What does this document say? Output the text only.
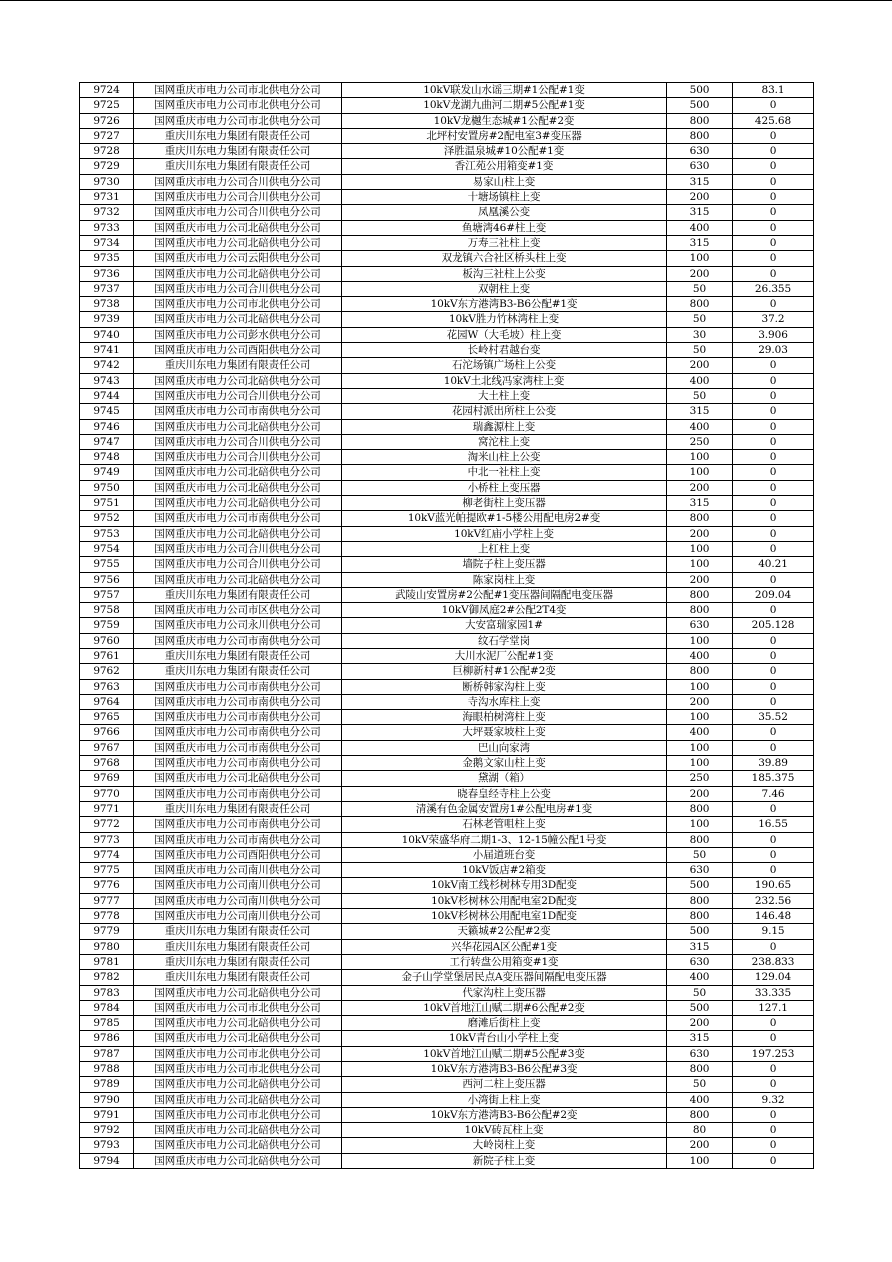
9724	国网重庆市电力公司市北供电分公司	10kV联发山水谣三期#1公配#1变	500	83.1
9725	国网重庆市电力公司市北供电分公司	10kV龙湖九曲河二期#5公配#1变	500	0
9726	国网重庆市电力公司市北供电分公司	10kV龙樾生态城#1公配#2变	800	425.68
9727	重庆川东电力集团有限责任公司	北坪村安置房#2配电室3#变压器	800	0
9728	重庆川东电力集团有限责任公司	泽胜温泉城#10公配#1变	630	0
9729	重庆川东电力集团有限责任公司	香江苑公用箱变#1变	630	0
9730	国网重庆市电力公司合川供电分公司	易家山柱上变	315	0
9731	国网重庆市电力公司合川供电分公司	十塘场镇柱上变	200	0
9732	国网重庆市电力公司合川供电分公司	凤凰溪公变	315	0
9733	国网重庆市电力公司北碚供电分公司	鱼塘湾46#柱上变	400	0
9734	国网重庆市电力公司北碚供电分公司	万寿三社柱上变	315	0
9735	国网重庆市电力公司云阳供电分公司	双龙镇六合社区桥头柱上变	100	0
9736	国网重庆市电力公司北碚供电分公司	板沟三社柱上公变	200	0
9737	国网重庆市电力公司合川供电分公司	双朝柱上变	50	26.355
9738	国网重庆市电力公司市北供电分公司	10kV东方港湾B3-B6公配#1变	800	0
9739	国网重庆市电力公司北碚供电分公司	10kV胜力竹林湾柱上变	50	37.2
9740	国网重庆市电力公司彭水供电分公司	花园W（大毛坡）柱上变	30	3.906
9741	国网重庆市电力公司酉阳供电分公司	长岭村君越台变	50	29.03
9742	重庆川东电力集团有限责任公司	石沱场镇广场柱上公变	200	0
9743	国网重庆市电力公司北碚供电分公司	10kV土北线冯家湾柱上变	400	0
9744	国网重庆市电力公司合川供电分公司	大土柱上变	50	0
9745	国网重庆市电力公司市南供电分公司	花园村派出所柱上公变	315	0
9746	国网重庆市电力公司北碚供电分公司	瑞鑫源柱上变	400	0
9747	国网重庆市电力公司合川供电分公司	窝沱柱上变	250	0
9748	国网重庆市电力公司合川供电分公司	淘米山柱上公变	100	0
9749	国网重庆市电力公司北碚供电分公司	中北一社柱上变	100	0
9750	国网重庆市电力公司北碚供电分公司	小桥柱上变压器	200	0
9751	国网重庆市电力公司北碚供电分公司	柳老街柱上变压器	315	0
9752	国网重庆市电力公司市南供电分公司	10kV蓝光帕提欧#1-5楼公用配电房2#变	800	0
9753	国网重庆市电力公司北碚供电分公司	10kV红庙小学柱上变	200	0
9754	国网重庆市电力公司合川供电分公司	上杠柱上变	100	0
9755	国网重庆市电力公司合川供电分公司	墙院子柱上变压器	100	40.21
9756	国网重庆市电力公司北碚供电分公司	陈家岗柱上变	200	0
9757	重庆川东电力集团有限责任公司	武陵山安置房#2公配#1变压器间隔配电变压器	800	209.04
9758	国网重庆市电力公司市区供电分公司	10kV御凤庭2#公配2T4变	800	0
9759	国网重庆市电力公司永川供电分公司	大安富瑞家园1#	630	205.128
9760	国网重庆市电力公司市南供电分公司	纹石学堂岗	100	0
9761	重庆川东电力集团有限责任公司	大川水泥厂公配#1变	400	0
9762	重庆川东电力集团有限责任公司	巨柳新村#1公配#2变	800	0
9763	国网重庆市电力公司市南供电分公司	断桥韩家沟柱上变	100	0
9764	国网重庆市电力公司市南供电分公司	寺沟水库柱上变	200	0
9765	国网重庆市电力公司市南供电分公司	海眼柏树湾柱上变	100	35.52
9766	国网重庆市电力公司市南供电分公司	大坪聂家坡柱上变	400	0
9767	国网重庆市电力公司市南供电分公司	巴山向家湾	100	0
9768	国网重庆市电力公司市南供电分公司	金鹅文家山柱上变	100	39.89
9769	国网重庆市电力公司北碚供电分公司	黛湖（箱）	250	185.375
9770	国网重庆市电力公司市南供电分公司	晓春皇经寺柱上公变	200	7.46
9771	重庆川东电力集团有限责任公司	清溪有色金属安置房1#公配电房#1变	800	0
9772	国网重庆市电力公司市南供电分公司	石林老管咀柱上变	100	16.55
9773	国网重庆市电力公司市南供电分公司	10kV荣盛华府二期1-3、12-15幢公配1号变	800	0
9774	国网重庆市电力公司酉阳供电分公司	小届道班台变	50	0
9775	国网重庆市电力公司南川供电分公司	10kV饭店#2箱变	630	0
9776	国网重庆市电力公司南川供电分公司	10kV南工线杉树林专用3D配变	500	190.65
9777	国网重庆市电力公司南川供电分公司	10kV杉树林公用配电室2D配变	800	232.56
9778	国网重庆市电力公司南川供电分公司	10kV杉树林公用配电室1D配变	800	146.48
9779	重庆川东电力集团有限责任公司	天籁城#2公配#2变	500	9.15
9780	重庆川东电力集团有限责任公司	兴华花园A区公配#1变	315	0
9781	重庆川东电力集团有限责任公司	工行转盘公用箱变#1变	630	238.833
9782	重庆川东电力集团有限责任公司	金子山学堂堡居民点A变压器间隔配电变压器	400	129.04
9783	国网重庆市电力公司北碚供电分公司	代家沟柱上变压器	50	33.335
9784	国网重庆市电力公司市北供电分公司	10kV首地江山赋二期#6公配#2变	500	127.1
9785	国网重庆市电力公司北碚供电分公司	磨滩后街柱上变	200	0
9786	国网重庆市电力公司北碚供电分公司	10kV青台山小学柱上变	315	0
9787	国网重庆市电力公司市北供电分公司	10kV首地江山赋二期#5公配#3变	630	197.253
9788	国网重庆市电力公司市北供电分公司	10kV东方港湾B3-B6公配#3变	800	0
9789	国网重庆市电力公司北碚供电分公司	西河二柱上变压器	50	0
9790	国网重庆市电力公司北碚供电分公司	小湾街上柱上变	400	9.32
9791	国网重庆市电力公司市北供电分公司	10kV东方港湾B3-B6公配#2变	800	0
9792	国网重庆市电力公司北碚供电分公司	10kV砖瓦柱上变	80	0
9793	国网重庆市电力公司北碚供电分公司	大岭岗柱上变	200	0
9794	国网重庆市电力公司北碚供电分公司	新院子柱上变	100	0
